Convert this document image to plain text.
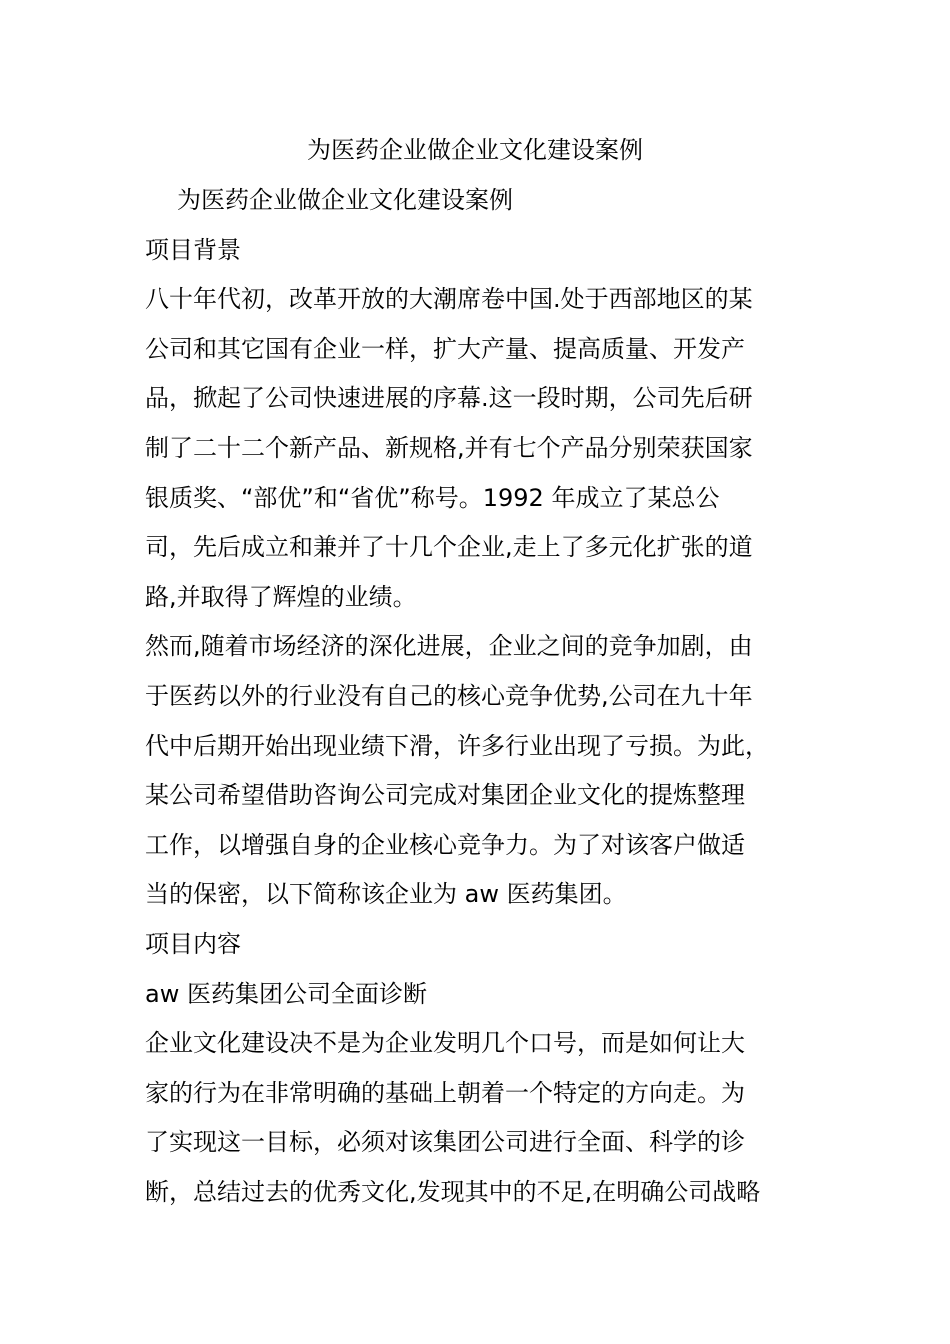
为医药企业做企业文化建设案例

为医药企业做企业文化建设案例

项目背景

八十年代初，改革开放的大潮席卷中国.处于西部地区的某

公司和其它国有企业一样，扩大产量、提高质量、开发产

品，掀起了公司快速进展的序幕.这一段时期，公司先后研

制了二十二个新产品、新规格,并有七个产品分别荣获国家

银质奖、“部优”和“省优”称号。1992 年成立了某总公

司，先后成立和兼并了十几个企业,走上了多元化扩张的道

路,并取得了辉煌的业绩。

然而,随着市场经济的深化进展，企业之间的竞争加剧，由

于医药以外的行业没有自己的核心竞争优势,公司在九十年

代中后期开始出现业绩下滑，许多行业出现了亏损。为此，

某公司希望借助咨询公司完成对集团企业文化的提炼整理

工作，以增强自身的企业核心竞争力。为了对该客户做适

当的保密，以下简称该企业为 aw 医药集团。

项目内容

aw 医药集团公司全面诊断

企业文化建设决不是为企业发明几个口号，而是如何让大

家的行为在非常明确的基础上朝着一个特定的方向走。为

了实现这一目标，必须对该集团公司进行全面、科学的诊

断，总结过去的优秀文化,发现其中的不足,在明确公司战略
